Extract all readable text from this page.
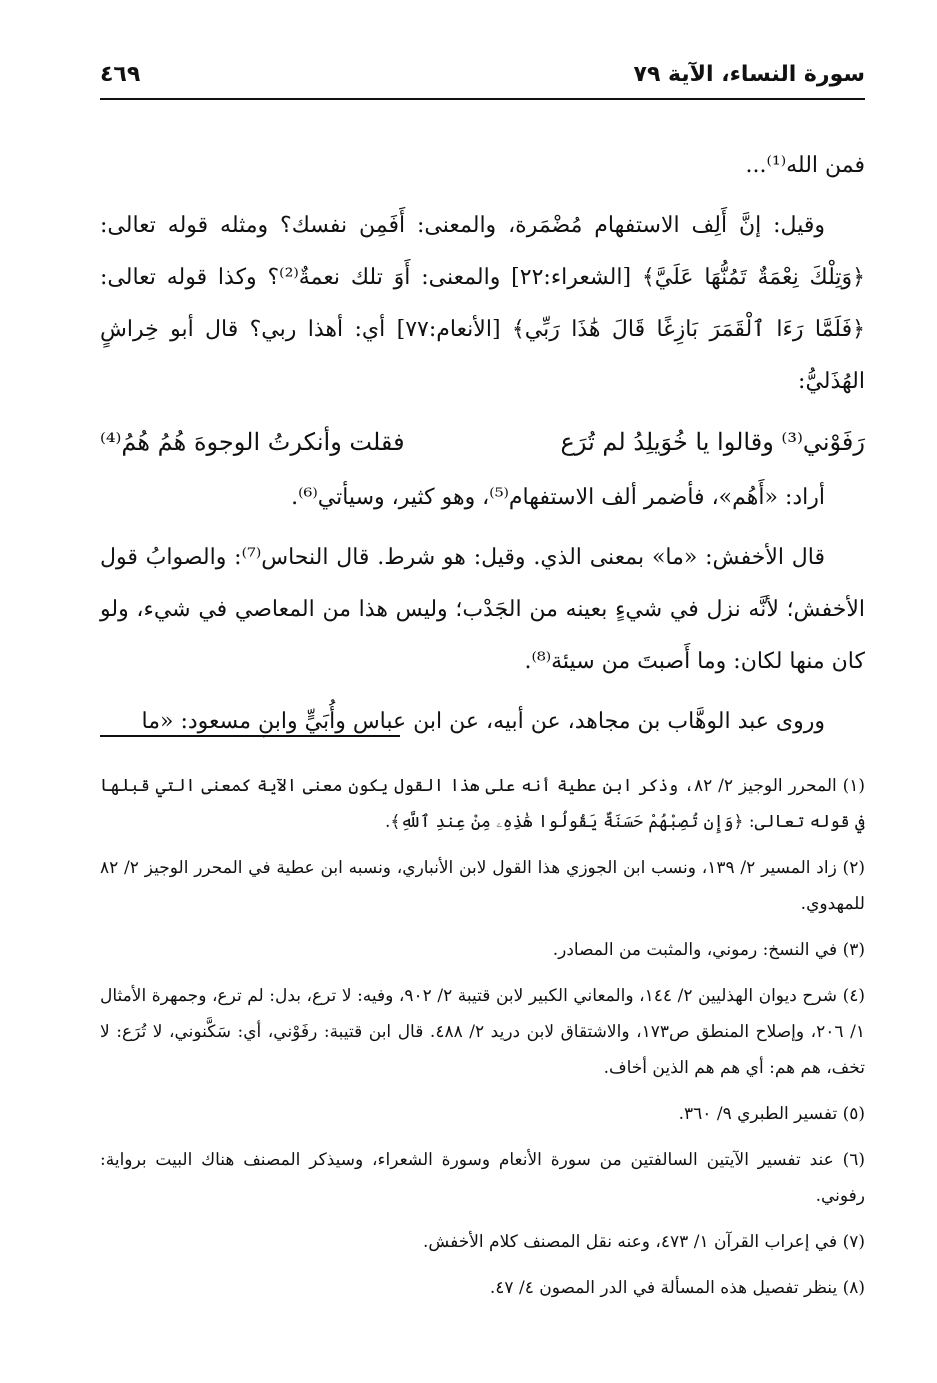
سورة النساء، الآية ٧٩
٤٦٩

فمن الله⁽¹⁾...

وقيل: إنَّ أَلِف الاستفهام مُضْمَرة، والمعنى: أَفَمِن نفسك؟ ومثله قوله تعالى: ﴿وَتِلْكَ نِعْمَةٌ تَمُنُّهَا عَلَيَّ﴾ [الشعراء:٢٢] والمعنى: أَوَ تلك نعمةٌ⁽²⁾؟ وكذا قوله تعالى: ﴿فَلَمَّا رَءَا ٱلْقَمَرَ بَازِغًا قَالَ هَٰذَا رَبِّي﴾ [الأنعام:٧٧] أي: أهذا ربي؟ قال أبو خِراشٍ الهُذَليُّ:

رَفَوْني⁽³⁾ وقالوا يا خُوَيلِدُ لم تُرَع
فقلت وأنكرتُ الوجوهَ هُمُ هُمُ⁽⁴⁾

أراد: «أَهُم»، فأضمر ألف الاستفهام⁽⁵⁾، وهو كثير، وسيأتي⁽⁶⁾.

قال الأخفش: «ما» بمعنى الذي. وقيل: هو شرط. قال النحاس⁽⁷⁾: والصوابُ قول الأخفش؛ لأنَّه نزل في شيءٍ بعينه من الجَدْب؛ وليس هذا من المعاصي في شيء، ولو كان منها لكان: وما أَصبتَ من سيئة⁽⁸⁾.

وروى عبد الوهَّاب بن مجاهد، عن أبيه، عن ابن عباس وأُبَيٍّ وابنِ مسعود: «ما

(١) المحرر الوجيز ٢/ ٨٢، وذكر ابن عطية أنه على هذا القول يكون معنى الآية كمعنى التي قبلها في قوله تعالى: ﴿وَإِن تُصِبْهُمْ حَسَنَةٌ يَقُولُوا هَٰذِهِۦ مِنْ عِندِ ٱللَّهِ﴾.
(٢) زاد المسير ٢/ ١٣٩، ونسب ابن الجوزي هذا القول لابن الأنباري، ونسبه ابن عطية في المحرر الوجيز ٢/ ٨٢ للمهدوي.
(٣) في النسخ: رموني، والمثبت من المصادر.
(٤) شرح ديوان الهذليين ٢/ ١٤٤، والمعاني الكبير لابن قتيبة ٢/ ٩٠٢، وفيه: لا ترع، بدل: لم ترع، وجمهرة الأمثال ١/ ٢٠٦، وإصلاح المنطق ص١٧٣، والاشتقاق لابن دريد ٢/ ٤٨٨. قال ابن قتيبة: رفَوْني، أي: سَكَّنوني، لا تُرَع: لا تخف، هم هم: أي هم هم الذين أخاف.
(٥) تفسير الطبري ٩/ ٣٦٠.
(٦) عند تفسير الآيتين السالفتين من سورة الأنعام وسورة الشعراء، وسيذكر المصنف هناك البيت برواية: رفوني.
(٧) في إعراب القرآن ١/ ٤٧٣، وعنه نقل المصنف كلام الأخفش.
(٨) ينظر تفصيل هذه المسألة في الدر المصون ٤/ ٤٧.
